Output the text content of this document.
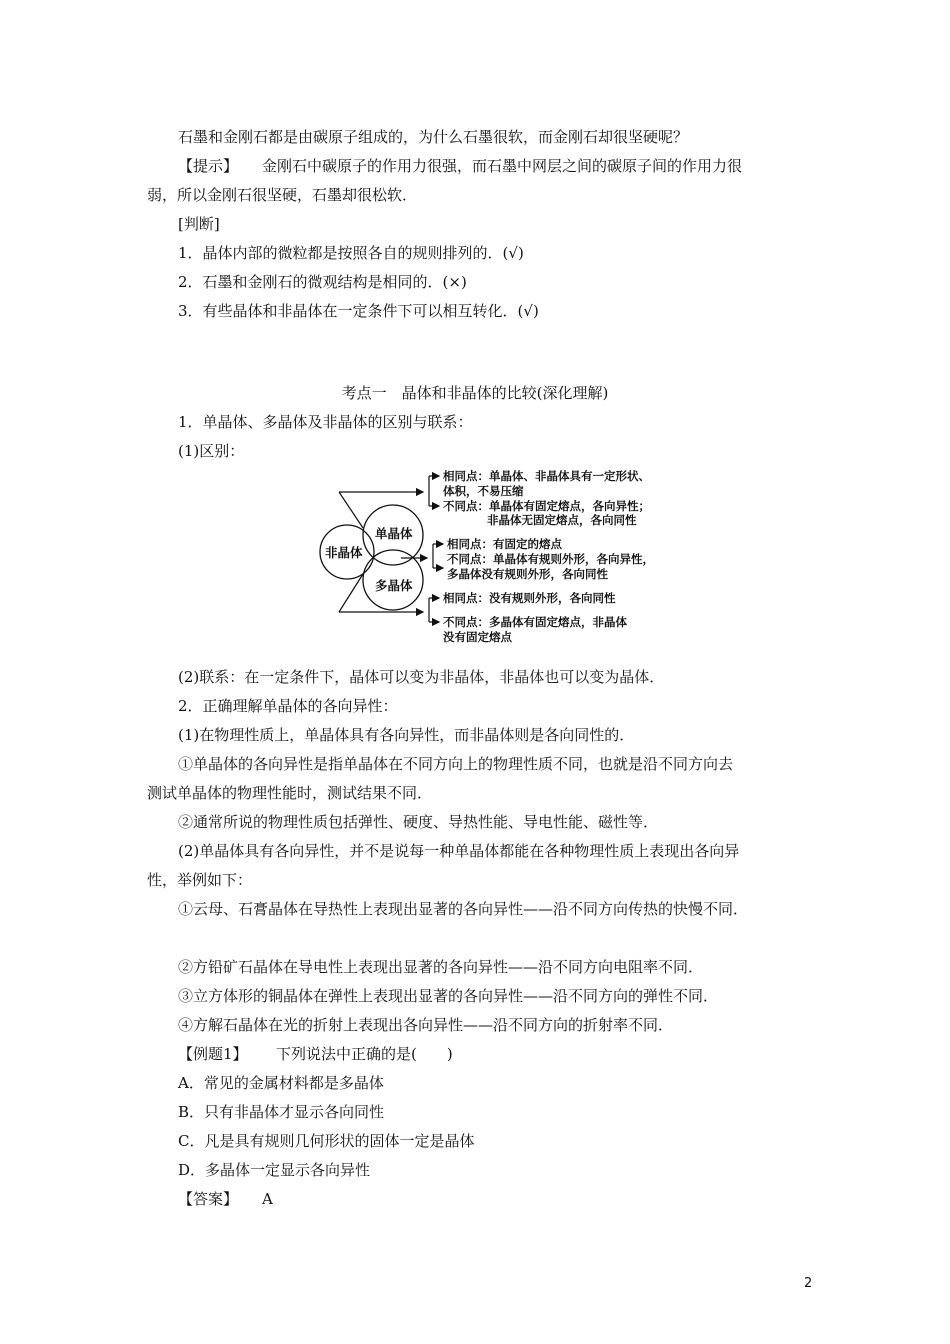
石墨和金刚石都是由碳原子组成的，为什么石墨很软，而金刚石却很坚硬呢？
【提示】 金刚石中碳原子的作用力很强，而石墨中网层之间的碳原子间的作用力很
弱，所以金刚石很坚硬，石墨却很松软．
[判断]
1．晶体内部的微粒都是按照各自的规则排列的．(√)
2．石墨和金刚石的微观结构是相同的．(×)
3．有些晶体和非晶体在一定条件下可以相互转化．(√)
考点一　晶体和非晶体的比较(深化理解)
1．单晶体、多晶体及非晶体的区别与联系：
(1)区别：
非晶体
单晶体
多晶体
相同点：单晶体、非晶体具有一定形状、
体积，不易压缩
不同点：单晶体有固定熔点，各向异性；
非晶体无固定熔点，各向同性
相同点：有固定的熔点
不同点：单晶体有规则外形，各向异性，
多晶体没有规则外形，各向同性
相同点：没有规则外形，各向同性
不同点：多晶体有固定熔点，非晶体
没有固定熔点
(2)联系：在一定条件下，晶体可以变为非晶体，非晶体也可以变为晶体．
2．正确理解单晶体的各向异性：
(1)在物理性质上，单晶体具有各向异性，而非晶体则是各向同性的．
①单晶体的各向异性是指单晶体在不同方向上的物理性质不同，也就是沿不同方向去
测试单晶体的物理性能时，测试结果不同．
②通常所说的物理性质包括弹性、硬度、导热性能、导电性能、磁性等．
(2)单晶体具有各向异性，并不是说每一种单晶体都能在各种物理性质上表现出各向异
性，举例如下：
①云母、石膏晶体在导热性上表现出显著的各向异性——沿不同方向传热的快慢不同．
②方铅矿石晶体在导电性上表现出显著的各向异性——沿不同方向电阻率不同．
③立方体形的铜晶体在弹性上表现出显著的各向异性——沿不同方向的弹性不同．
④方解石晶体在光的折射上表现出各向异性——沿不同方向的折射率不同．
【例题1】 下列说法中正确的是(　　)
A．常见的金属材料都是多晶体
B．只有非晶体才显示各向同性
C．凡是具有规则几何形状的固体一定是晶体
D．多晶体一定显示各向异性
【答案】 A
2
